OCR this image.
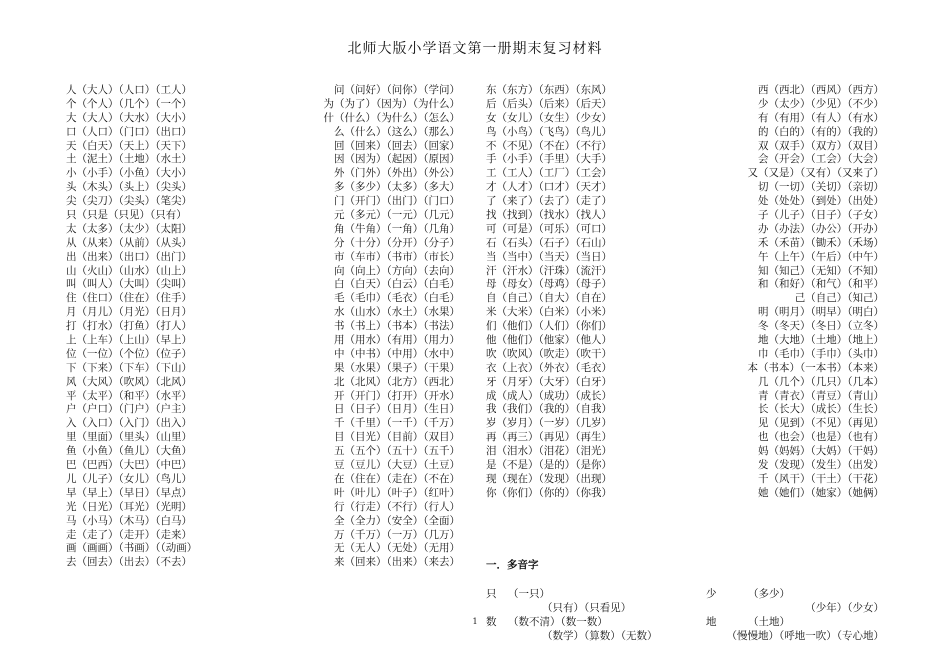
北师大版小学语文第一册期末复习材料
人（大人）（人口）（工人）
个（个人）（几个）（一个）
大（大人）（大水）（大小）
口（人口）（门口）（出口）
天（白天）（天上）（天下）
土（泥土）（土地）（水土）
小（小手）（小鱼）（大小）
头（木头）（头上）（尖头）
尖（尖刀）（尖头）（笔尖）
只（只是（只见）（只有）
太（太多）（太少）（太阳）
从（从来）（从前）（从头）
出（出来）（出口）（出门）
山（火山）（山水）（山上）
叫（叫人）（大叫）（尖叫）
住（住口）（住在）（住手）
月（月儿）（月光）（日月）
打（打水）（打鱼）（打人）
上（上车）（上山）（早上）
位（一位）（个位）（位子）
下（下来）（下车）（下山）
风（大风）（吹风）（北风）
平（太平）（和平）（水平）
户（户口）（门户）（户主）
入（入口）（入门）（出入）
里（里面）（里头）（山里）
鱼（小鱼）（鱼儿）（大鱼）
巴（巴西）（大巴）（中巴）
儿（儿子）（女儿）（鸟儿）
早（早上）（早日）（早点）
光（日光）（耳光）（光明）
马（小马）（木马）（白马）
走（走了）（走开）（走来）
画（画画）（书画）（（动画）
去（回去）（出去）（不去）
问（问好）（问你）（学问）
为（为了）（因为）（为什么）
什（什么）（为什么）（怎么）
么（什么）（这么）（那么）
回（回来）（回去）（回家）
因（因为）（起因）（原因）
外（门外）（外出）（外公）
多（多少）（太多）（多大）
门（开门）（出门）（门口）
元（多元）（一元）（几元）
角（牛角）（一角）（几角）
分（十分）（分开）（分子）
市（车市）（书市）（市长）
向（向上）（方向）（去向）
白（白天）（白云）（白毛）
毛（毛巾）（毛衣）（白毛）
水（山水）（水土）（水果）
书（书上）（书本）（书法）
用（用水）（有用）（用力）
中（中书）（中用）（水中）
果（水果）（果子）（干果）
北（北风）（北方）（西北）
开（开门）（打开）（开水）
日（日子）（日月）（生日）
千（千里）（一千）（千万）
目（目光）（目前）（双目）
五（五个）（五十）（五千）
豆（豆儿）（大豆）（土豆）
在（住在）（走在）（不在）
叶（叶儿）（叶子）（红叶）
行（行走）（不行）（行人）
全（全力）（安全）（全面）
万（千万）（一万）（几万）
无（无人）（无处）（无用）
来（回来）（出来）（来去）
东（东方）（东西）（东风）
后（后头）（后来）（后天）
女（女儿）（女生）（少女）
鸟（小鸟）（飞鸟）（鸟儿）
不（不见）（不在）（不行）
手（小手）（手里）（大手）
工（工人）（工厂）（工会）
才（人才）（口才）（天才）
了（来了）（去了）（走了）
找（找到）（找水）（找人）
可（可是）（可乐）（可口）
石（石头）（石子）（石山）
当（当中）（当天）（当日）
汗（汗水）（汗珠）（流汗）
母（母女）（母鸡）（母子）
自（自己）（自大）（自在）
米（大米）（白米）（小米）
们（他们）（人们）（你们）
他（他们）（他家）（他人）
吹（吹风）（吹走）（吹干）
衣（上衣）（外衣）（毛衣）
牙（月牙）（大牙）（白牙）
成（成人）（成功）（成长）
我（我们）（我的）（自我）
岁（岁月）（一岁）（几岁）
再（再三）（再见）（再生）
泪（泪水）（泪花）（泪光）
是（不是）（是的）（是你）
现（现在）（发现）（出现）
你（你们）（你的）（你我）
西（西北）（西风）（西方）
少（太少）（少见）（不少）
有（有用）（有人）（有水）
的（白的）（有的）（我的）
双（双手）（双方）（双目）
会（开会）（工会）（大会）
又（又是）（又有）（又来了）
切（一切）（关切）（亲切）
处（处处）（到处）（出处）
子（儿子）（日子）（子女）
办（办法）（办公）（开办）
禾（禾苗）（锄禾）（禾场）
午（上午）（午后）（中午）
知（知己）（无知）（不知）
和（和好）（和气）（和平）
己（自己）（知己）
明（明月）（明早）（明白）
冬（冬天）（冬日）（立冬）
地（大地）（土地）（地上）
巾（毛巾）（手巾）（头巾）
本（书本）（一本书）（本来）
几（几个）（几只）（几本）
青（青衣）（青豆）（青山）
长（长大）（成长）（生长）
见（见到）（不见）（再见）
也（也会）（也是）（也有）
妈（妈妈）（大妈）（干妈）
发（发现）（发生）（出发）
千（风干）（干土）（干花）
她（她们）（她家）（她俩）

一．多音字

只 （一只）	少	（多少）
（只有）（只看见）	（少年）（少女）
数 （数不清）（数一数）	地	（土地）
（数学）（算数）（无数）	（慢慢地）（呼地一吹）（专心地）
1
